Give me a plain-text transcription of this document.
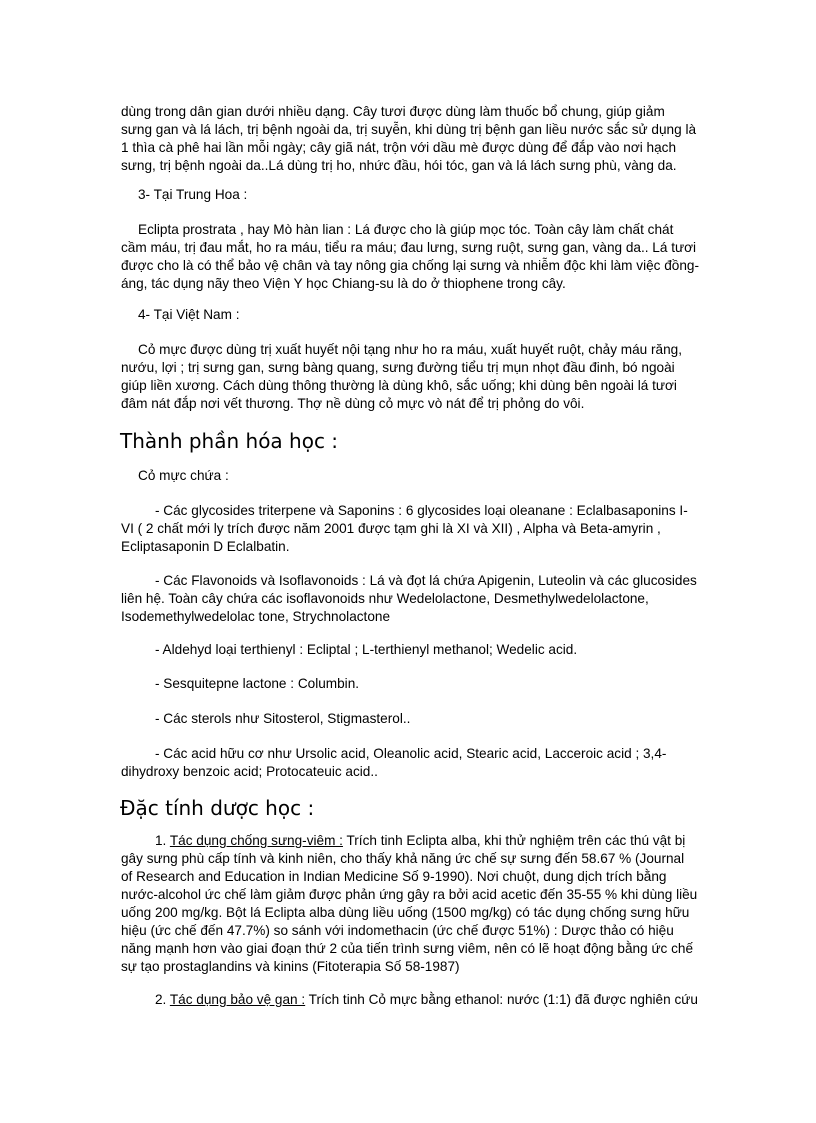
dùng trong dân gian dưới nhiều dạng. Cây tươi được dùng làm thuốc bổ chung, giúp giảm sưng gan và lá lách, trị bệnh ngoài da, trị suyễn, khi dùng trị bệnh gan liều nước sắc sử dụng là 1 thìa cà phê hai lần mỗi ngày; cây giã nát, trộn với dầu mè được dùng để đắp vào nơi hạch sưng, trị bệnh ngoài da..Lá dùng trị ho, nhức đầu, hói tóc, gan và lá lách sưng phù, vàng da.

3- Tại Trung Hoa :

Eclipta prostrata , hay Mò hàn lian : Lá được cho là giúp mọc tóc. Toàn cây làm chất chát cầm máu, trị đau mắt, ho ra máu, tiểu ra máu; đau lưng, sưng ruột, sưng gan, vàng da.. Lá tươi được cho là có thể bảo vệ chân và tay nông gia chống lại sưng và nhiễm độc khi làm việc đồng-áng, tác dụng nãy theo Viện Y học Chiang-su là do ở thiophene trong cây.

4- Tại Việt Nam :

Cỏ mực được dùng trị xuất huyết nội tạng như ho ra máu, xuất huyết ruột, chảy máu răng, nướu, lợi ; trị sưng gan, sưng bàng quang, sưng đường tiểu trị mụn nhọt đầu đinh, bó ngoài giúp liền xương. Cách dùng thông thường là dùng khô, sắc uống; khi dùng bên ngoài lá tươi đâm nát đắp nơi vết thương. Thợ nề dùng cỏ mực vò nát để trị phỏng do vôi.

Thành phần hóa học :

Cỏ mực chứa :

- Các glycosides triterpene và Saponins : 6 glycosides loại oleanane : Eclalbasaponins I-VI ( 2 chất mới ly trích được năm 2001 được tạm ghi là XI và XII) , Alpha và Beta-amyrin , Ecliptasaponin D Eclalbatin.

- Các Flavonoids và Isoflavonoids : Lá và đọt lá chứa Apigenin, Luteolin và các glucosides liên hệ. Toàn cây chứa các isoflavonoids như Wedelolactone, Desmethylwedelolactone, Isodemethylwedelolac tone, Strychnolactone

- Aldehyd loại terthienyl : Ecliptal ; L-terthienyl methanol; Wedelic acid.

- Sesquitepne lactone : Columbin.

- Các sterols như Sitosterol, Stigmasterol..

- Các acid hữu cơ như Ursolic acid, Oleanolic acid, Stearic acid, Lacceroic acid ; 3,4-dihydroxy benzoic acid; Protocateuic acid..

Đặc tính dược học :

1. Tác dụng chống sưng-viêm : Trích tinh Eclipta alba, khi thử nghiệm trên các thú vật bị gây sưng phù cấp tính và kinh niên, cho thấy khả năng ức chế sự sưng đến 58.67 % (Journal of Research and Education in Indian Medicine Số 9-1990). Nơi chuột, dung dịch trích bằng nước-alcohol ức chế làm giảm được phản ứng gây ra bởi acid acetic đến 35-55 % khi dùng liều uống 200 mg/kg. Bột lá Eclipta alba dùng liều uống (1500 mg/kg) có tác dụng chống sưng hữu hiệu (ức chế đến 47.7%) so sánh với indomethacin (ức chế được 51%) : Dược thảo có hiệu năng mạnh hơn vào giai đoạn thứ 2 của tiến trình sưng viêm, nên có lẽ hoạt động bằng ức chế sự tạo prostaglandins và kinins (Fitoterapia Số 58-1987)

2. Tác dụng bảo vệ gan : Trích tinh Cỏ mực bằng ethanol: nước (1:1) đã được nghiên cứu
